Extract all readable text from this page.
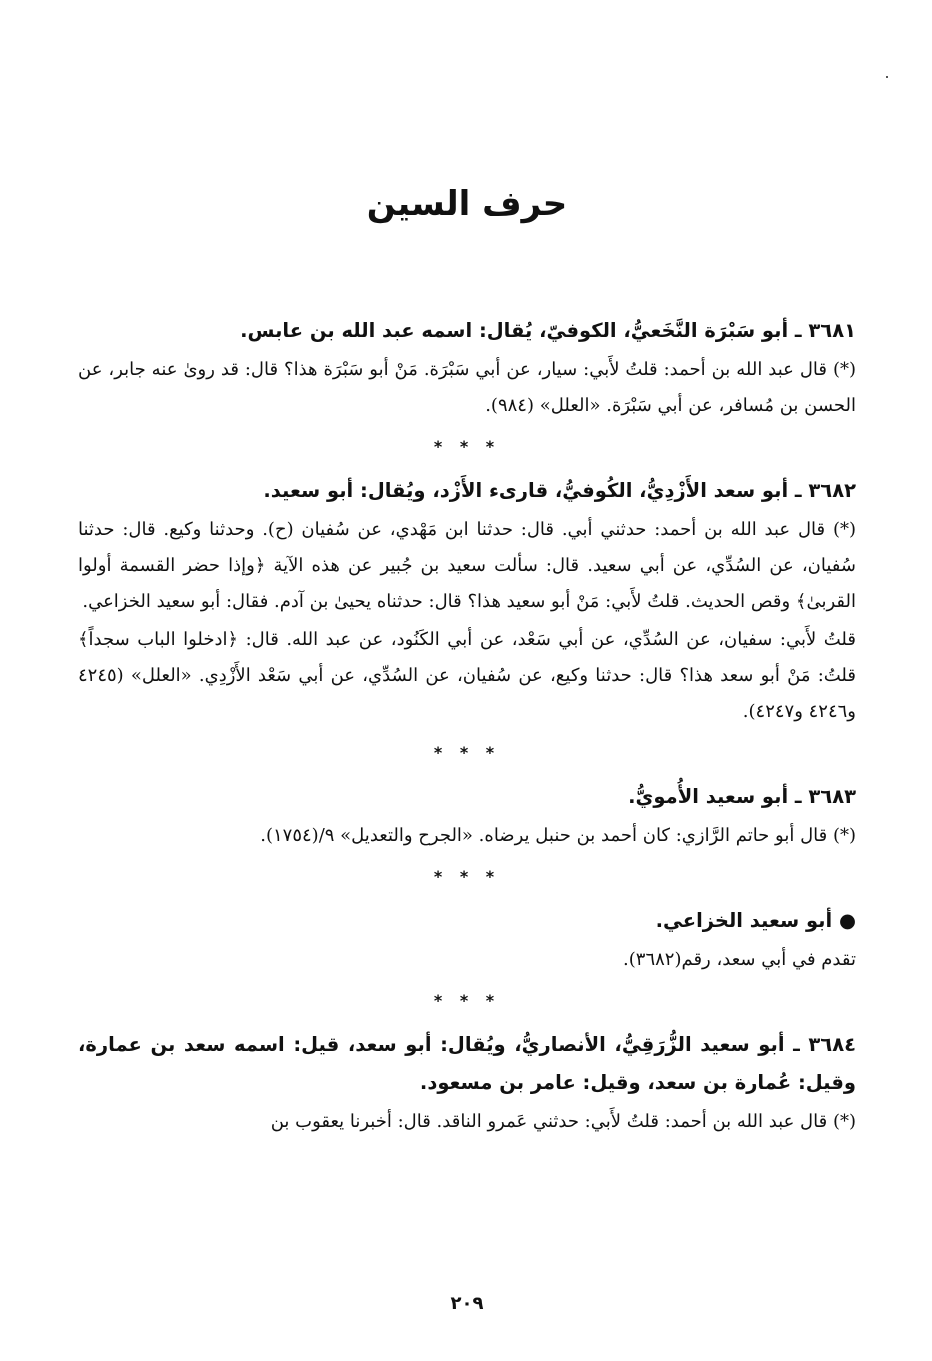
حرف السين
٣٦٨١ ـ أبو سَبْرَة النَّخَعيُّ، الكوفيّ، يُقال: اسمه عبد الله بن عابس.
(*) قال عبد الله بن أحمد: قلتُ لأَبي: سيار، عن أبي سَبْرَة. مَنْ أبو سَبْرَة هذا؟ قال: قد روىٰ عنه جابر، عن الحسن بن مُسافر، عن أبي سَبْرَة. «العلل» (٩٨٤).
* * *
٣٦٨٢ ـ أبو سعد الأَزْدِيُّ، الكُوفيُّ، قارىء الأَزْد، ويُقال: أبو سعيد.
(*) قال عبد الله بن أحمد: حدثني أبي. قال: حدثنا ابن مَهْدي، عن سُفيان (ح). وحدثنا وكيع. قال: حدثنا سُفيان، عن السُدِّي، عن أبي سعيد. قال: سألت سعيد بن جُبير عن هذه الآية ﴿وإذا حضر القسمة أولوا القربىٰ﴾ وقص الحديث. قلتُ لأَبي: مَنْ أبو سعيد هذا؟ قال: حدثناه يحيىٰ بن آدم. فقال: أبو سعيد الخزاعي.
قلتُ لأَبي: سفيان، عن السُدِّي، عن أبي سَعْد، عن أبي الكَنُود، عن عبد الله. قال: ﴿ادخلوا الباب سجداً﴾ قلتُ: مَنْ أبو سعد هذا؟ قال: حدثنا وكيع، عن سُفيان، عن السُدِّي، عن أبي سَعْد الأَزْدِي. «العلل» (٤٢٤٥ و٤٢٤٦ و٤٢٤٧).
* * *
٣٦٨٣ ـ أبو سعيد الأُمويُّ.
(*) قال أبو حاتم الرَّازي: كان أحمد بن حنبل يرضاه. «الجرح والتعديل» ٩/(١٧٥٤).
* * *
● أبو سعيد الخزاعي.
تقدم في أبي سعد، رقم(٣٦٨٢).
* * *
٣٦٨٤ ـ أبو سعيد الزُّرَقِيُّ، الأنصاريُّ، ويُقال: أبو سعد، قيل: اسمه سعد بن عمارة، وقيل: عُمارة بن سعد، وقيل: عامر بن مسعود.
(*) قال عبد الله بن أحمد: قلتُ لأَبي: حدثني عَمرو الناقد. قال: أخبرنا يعقوب بن
٢٠٩
